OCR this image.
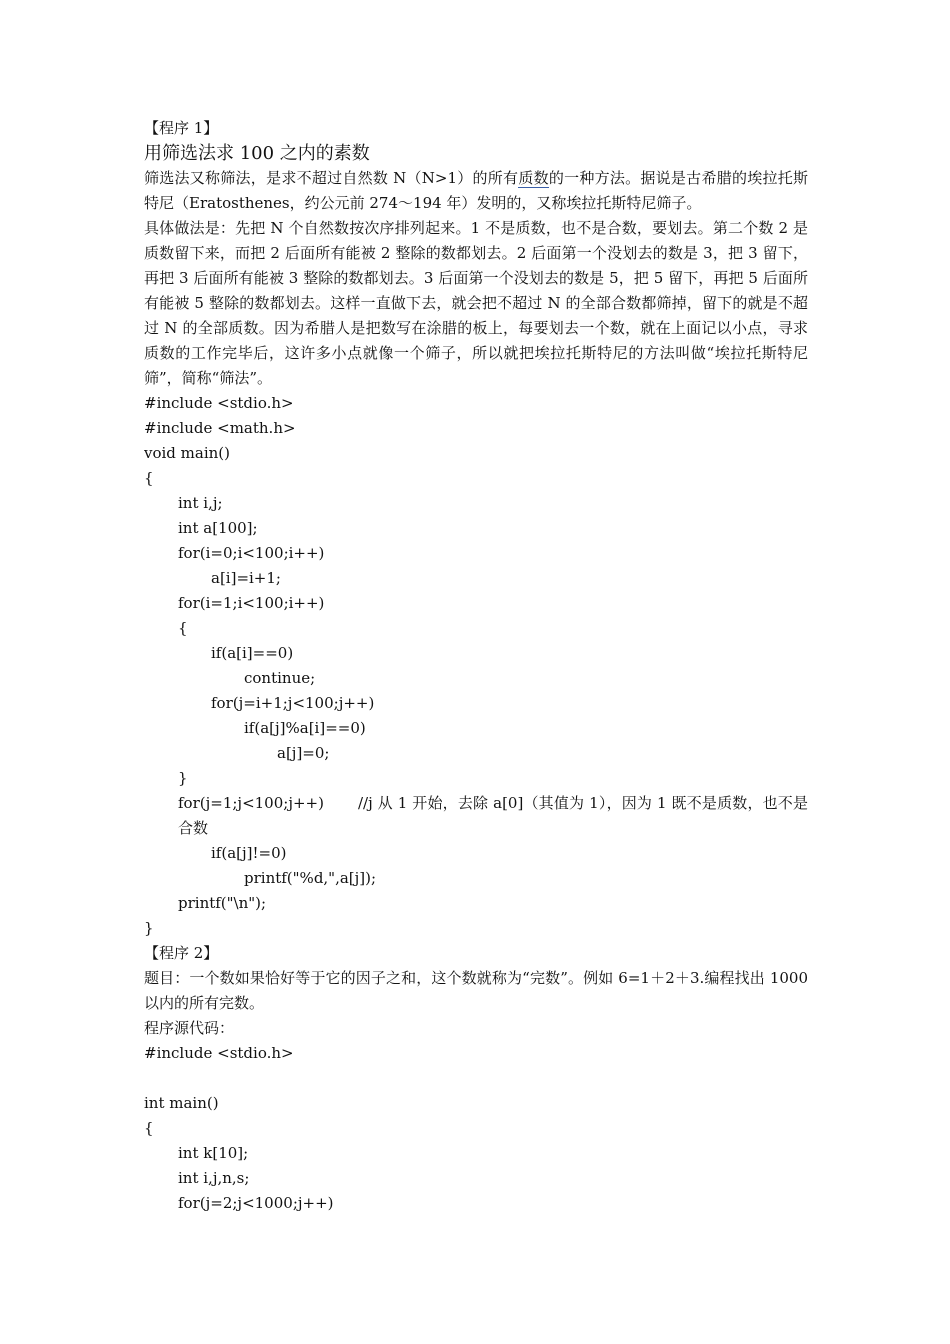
【程序 1】
用筛选法求 100 之内的素数
筛选法又称筛法，是求不超过自然数 N（N>1）的所有质数的一种方法。据说是古希腊的埃拉托斯特尼（Eratosthenes，约公元前 274～194 年）发明的，又称埃拉托斯特尼筛子。
具体做法是：先把 N 个自然数按次序排列起来。1 不是质数，也不是合数，要划去。第二个数 2 是质数留下来，而把 2 后面所有能被 2 整除的数都划去。2 后面第一个没划去的数是 3，把 3 留下，再把 3 后面所有能被 3 整除的数都划去。3 后面第一个没划去的数是 5，把 5 留下，再把 5 后面所有能被 5 整除的数都划去。这样一直做下去，就会把不超过 N 的全部合数都筛掉，留下的就是不超过 N 的全部质数。因为希腊人是把数写在涂腊的板上，每要划去一个数，就在上面记以小点，寻求质数的工作完毕后，这许多小点就像一个筛子，所以就把埃拉托斯特尼的方法叫做“埃拉托斯特尼筛”，简称“筛法”。
#include <stdio.h>
#include <math.h>
void main()
{
int i,j;
int a[100];
for(i=0;i<100;i++)
a[i]=i+1;
for(i=1;i<100;i++)
{
if(a[i]==0)
continue;
for(j=i+1;j<100;j++)
if(a[j]%a[i]==0)
a[j]=0;
}
for(j=1;j<100;j++) //j 从 1 开始，去除 a[0]（其值为 1），因为 1 既不是质数，也不是合数
if(a[j]!=0)
printf("%d,",a[j]);
printf("\n");
}
【程序 2】
题目：一个数如果恰好等于它的因子之和，这个数就称为“完数”。例如 6=1＋2＋3.编程找出 1000 以内的所有完数。
程序源代码：
#include <stdio.h>
int main()
{
int k[10];
int i,j,n,s;
for(j=2;j<1000;j++)
